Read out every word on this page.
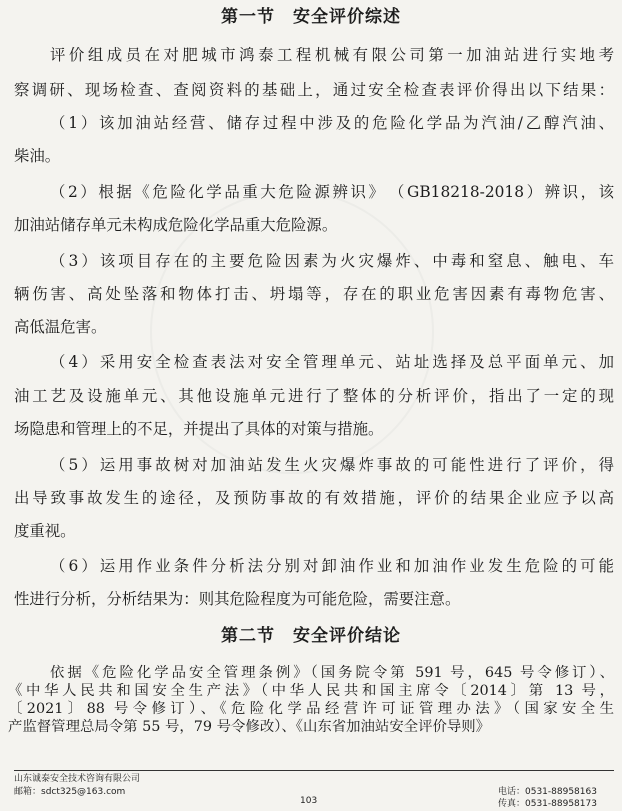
第一节　安全评价综述
评价组成员在对肥城市鸿泰工程机械有限公司第一加油站进行实地考
察调研、现场检查、查阅资料的基础上，通过安全检查表评价得出以下结果：
（1）该加油站经营、储存过程中涉及的危险化学品为汽油/乙醇汽油、
柴油。
（2）根据《危险化学品重大危险源辨识》　（GB18218-2018）辨识，该
加油站储存单元未构成危险化学品重大危险源。
（3）该项目存在的主要危险因素为火灾爆炸、中毒和窒息、触电、车
辆伤害、高处坠落和物体打击、坍塌等，存在的职业危害因素有毒物危害、
高低温危害。
（4）采用安全检查表法对安全管理单元、站址选择及总平面单元、加
油工艺及设施单元、其他设施单元进行了整体的分析评价，指出了一定的现
场隐患和管理上的不足，并提出了具体的对策与措施。
（5）运用事故树对加油站发生火灾爆炸事故的可能性进行了评价，得
出导致事故发生的途径，及预防事故的有效措施，评价的结果企业应予以高
度重视。
（6）运用作业条件分析法分别对卸油作业和加油作业发生危险的可能
性进行分析，分析结果为：则其危险程度为可能危险，需要注意。
第二节　安全评价结论
依据《危险化学品安全管理条例》（国务院令第 591 号，645 号令修订）、
《中华人民共和国安全生产法》（中华人民共和国主席令〔2014〕第 13 号，
〔2021〕88 号令修订）、《危险化学品经营许可证管理办法》（国家安全生
产监督管理总局令第 55 号，79 号令修改）、《山东省加油站安全评价导则》
山东诚泰安全技术咨询有限公司
邮箱：sdct325@163.com
103
电话：0531-88958163
传真：0531-88958173
